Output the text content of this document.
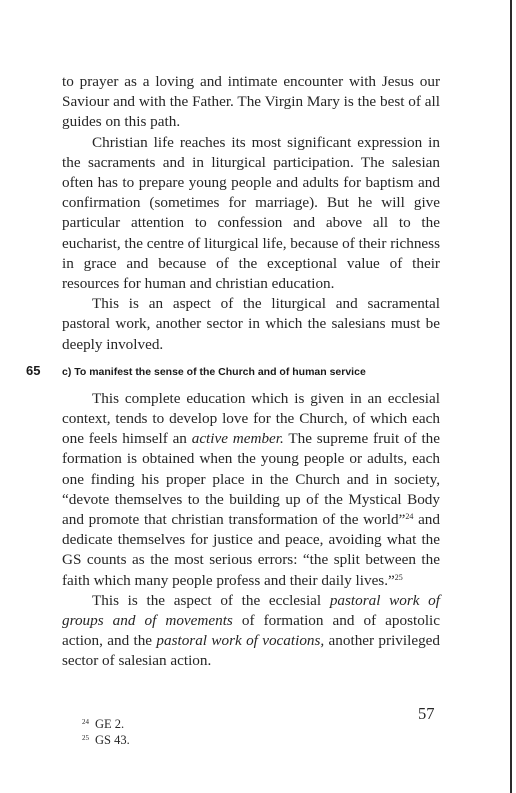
to prayer as a loving and intimate encounter with Jesus our Saviour and with the Father. The Virgin Mary is the best of all guides on this path.

Christian life reaches its most significant expression in the sacraments and in liturgical participation. The salesian often has to prepare young people and adults for baptism and confirmation (sometimes for marriage). But he will give particular attention to confession and above all to the eucharist, the centre of liturgical life, because of their richness in grace and because of the exceptional value of their resources for human and christian education.

This is an aspect of the liturgical and sacramental pastoral work, another sector in which the salesians must be deeply involved.

65 c) To manifest the sense of the Church and of human service

This complete education which is given in an ecclesial context, tends to develop love for the Church, of which each one feels himself an active member. The supreme fruit of the formation is obtained when the young people or adults, each one finding his proper place in the Church and in society, “devote themselves to the building up of the Mystical Body and promote that christian transformation of the world”$^{24}$ and dedicate themselves for justice and peace, avoiding what the GS counts as the most serious errors: “the split between the faith which many people profess and their daily lives.”$^{25}$

This is the aspect of the ecclesial pastoral work of groups and of movements of formation and of apostolic action, and the pastoral work of vocations, another privileged sector of salesian action.

$^{24}$ GE 2.
$^{25}$ GS 43.
57
